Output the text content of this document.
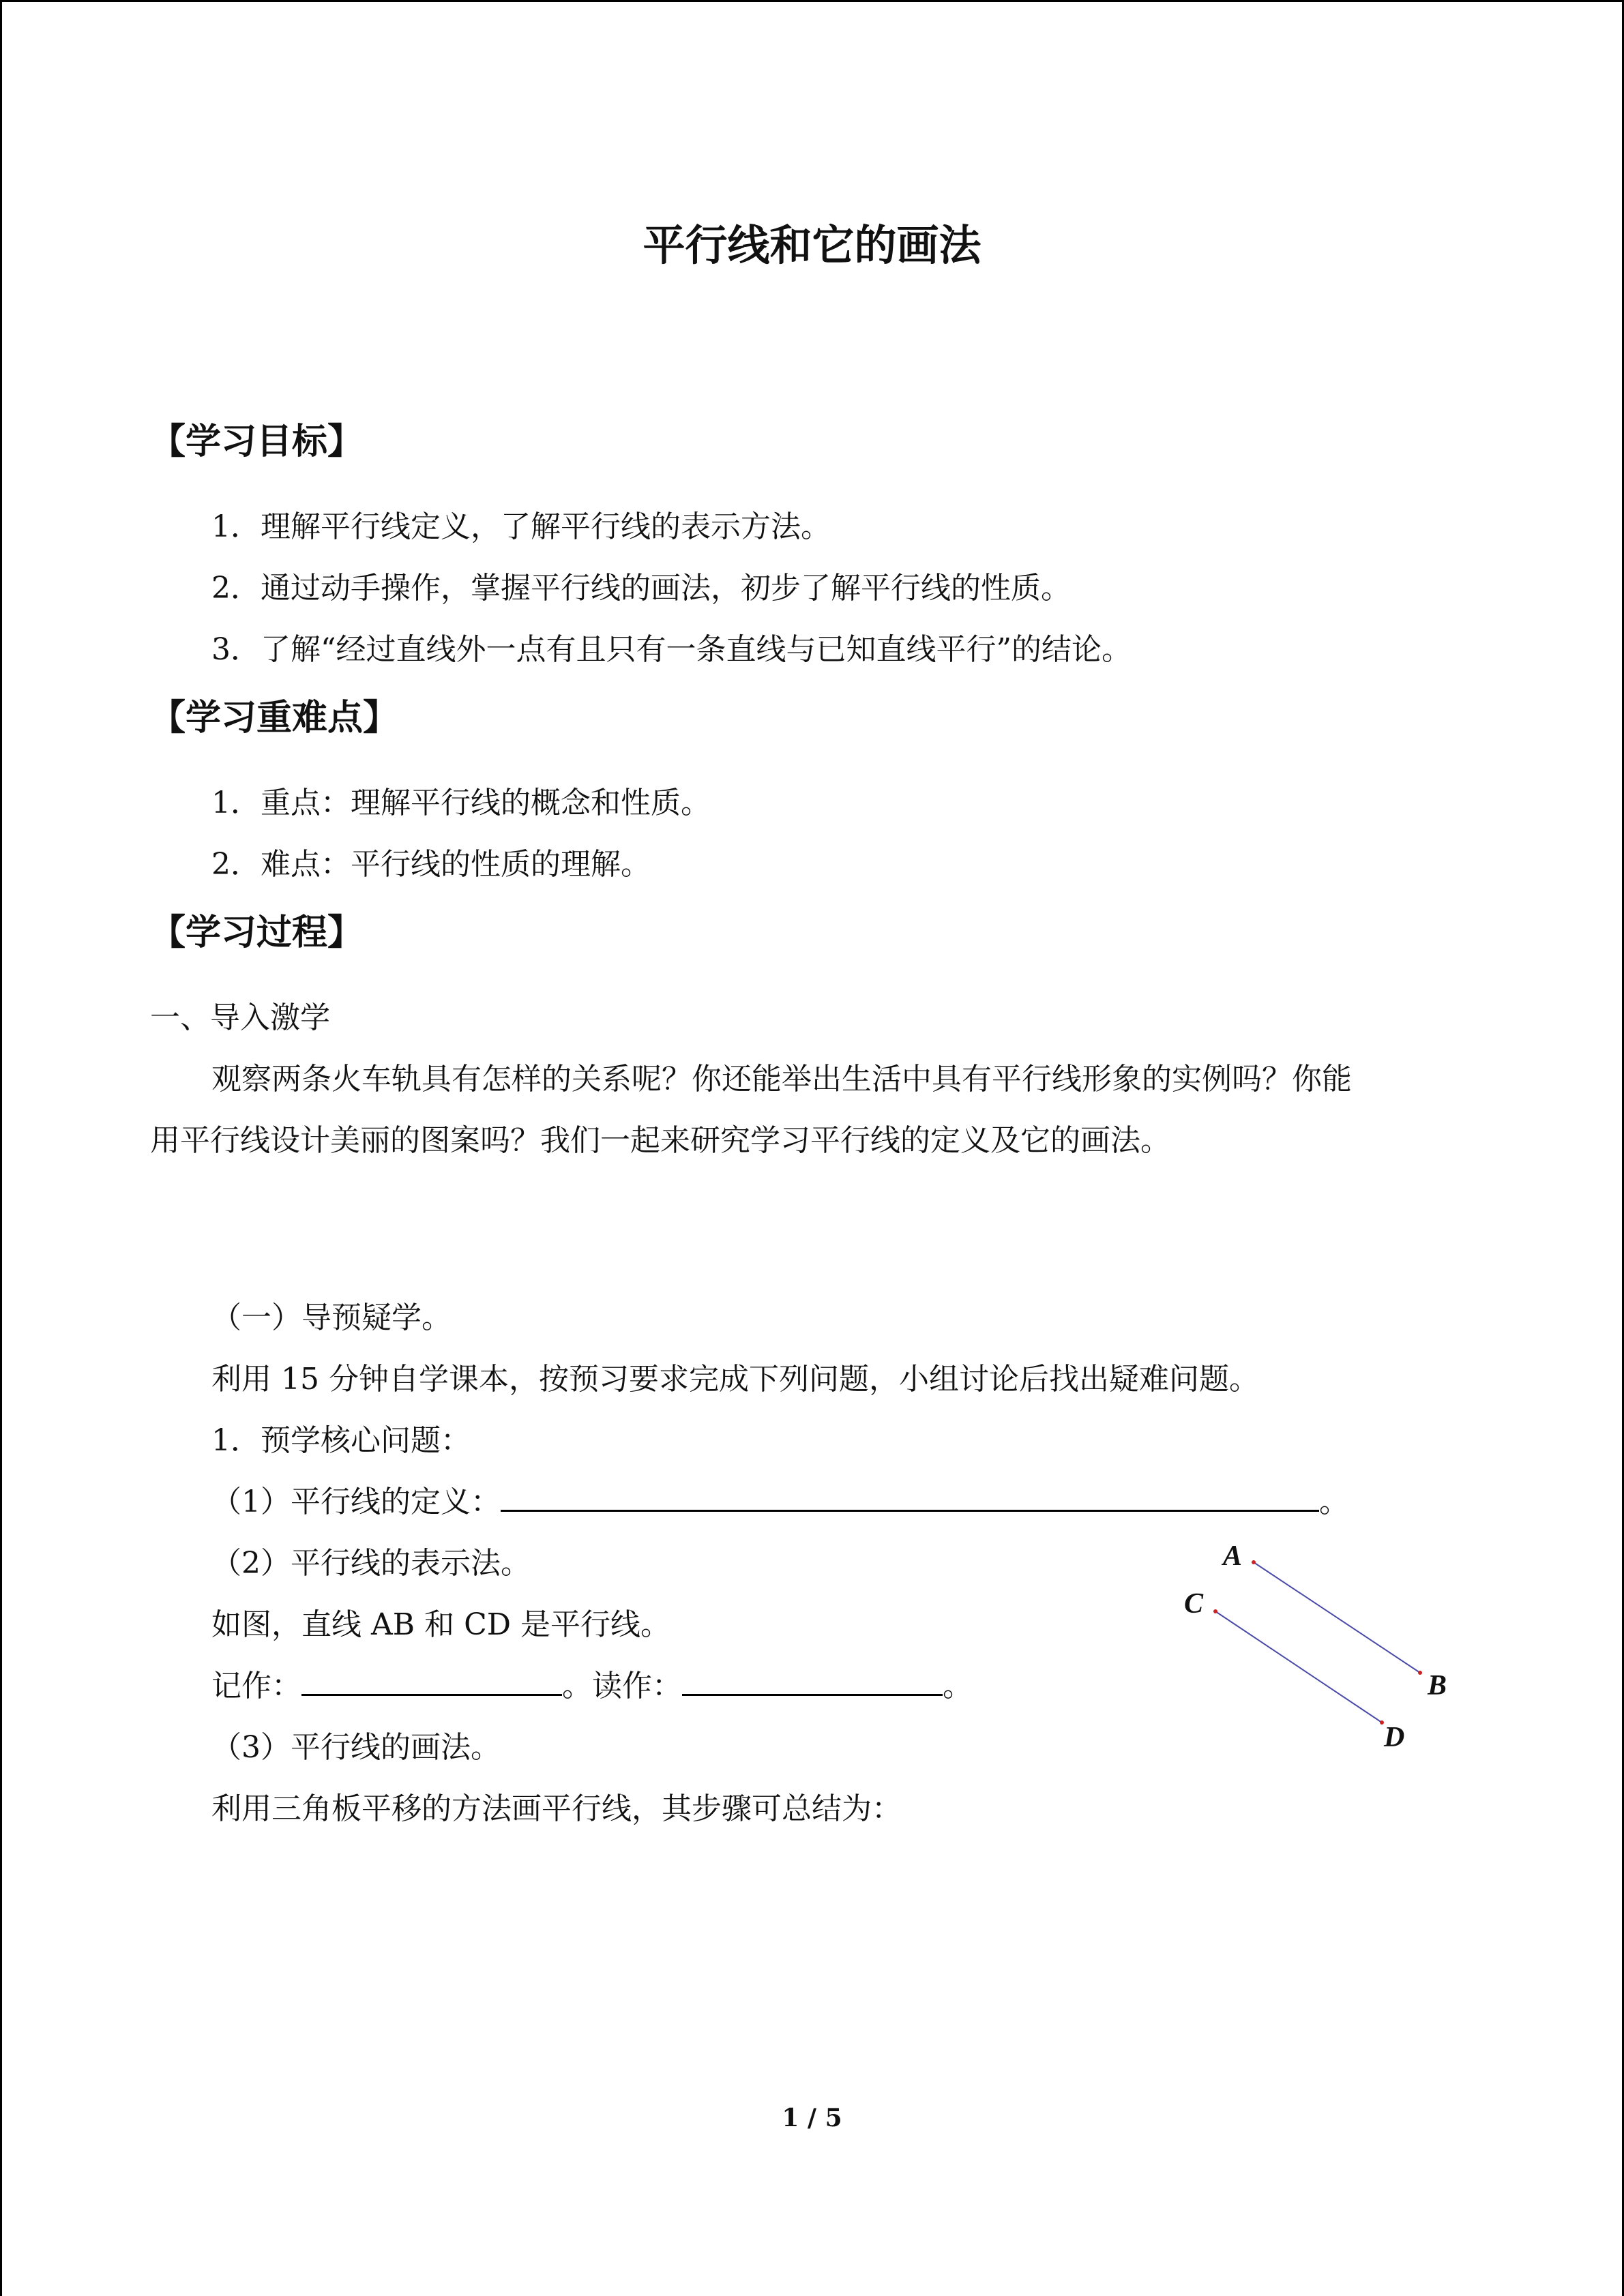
平行线和它的画法
【学习目标】
1．理解平行线定义，了解平行线的表示方法。
2．通过动手操作，掌握平行线的画法，初步了解平行线的性质。
3．了解“经过直线外一点有且只有一条直线与已知直线平行”的结论。
【学习重难点】
1．重点：理解平行线的概念和性质。
2．难点：平行线的性质的理解。
【学习过程】
一、导入激学
观察两条火车轨具有怎样的关系呢？你还能举出生活中具有平行线形象的实例吗？你能
用平行线设计美丽的图案吗？我们一起来研究学习平行线的定义及它的画法。
（一）导预疑学。
利用 15 分钟自学课本，按预习要求完成下列问题，小组讨论后找出疑难问题。
1．预学核心问题：
（1）平行线的定义：	。
（2）平行线的表示法。
如图，直线 AB 和 CD 是平行线。
记作：	。读作：	。
（3）平行线的画法。
利用三角板平移的方法画平行线，其步骤可总结为：
A
B
C
D
1 / 5
